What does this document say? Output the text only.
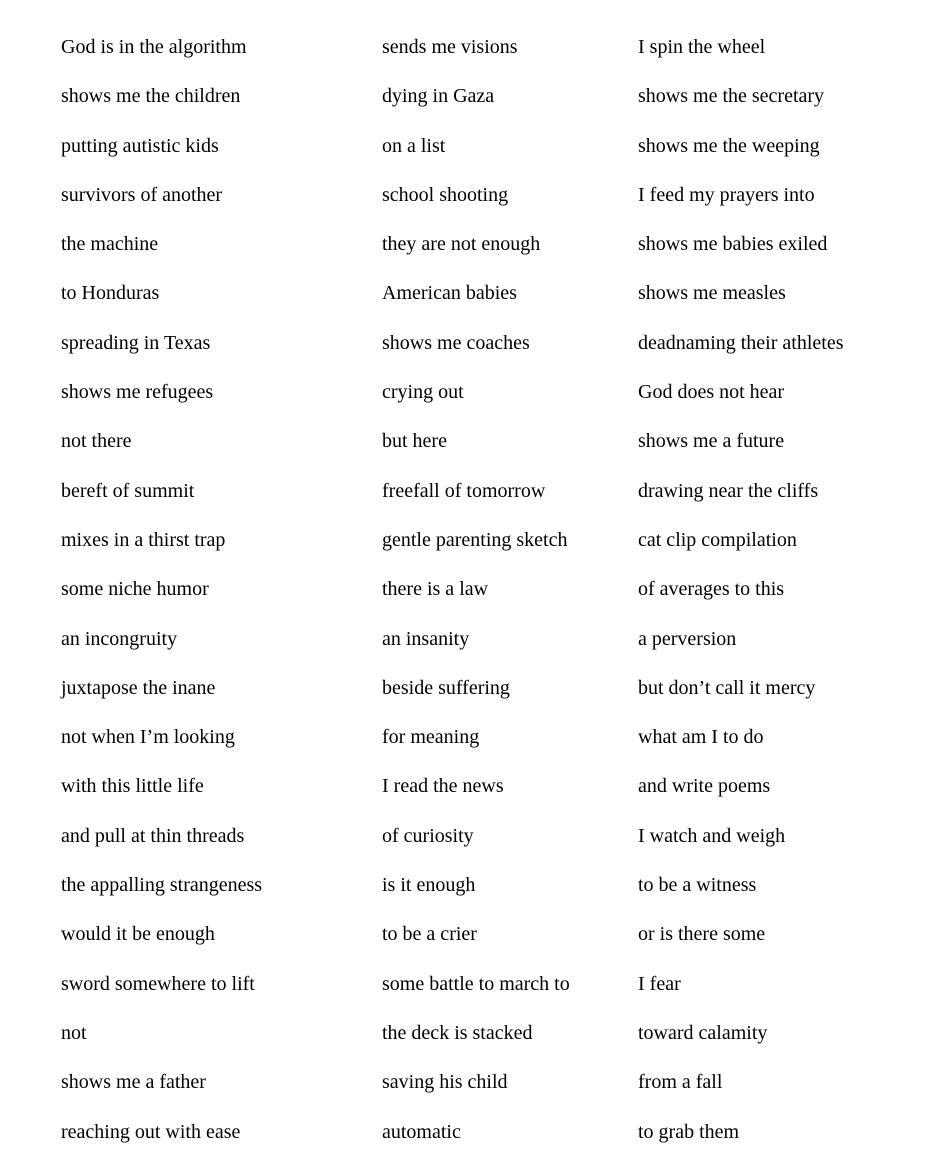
God is in the algorithm
shows me the children
putting autistic kids
survivors of another
the machine
to Honduras
spreading in Texas
shows me refugees
not there
bereft of summit
mixes in a thirst trap
some niche humor
an incongruity
juxtapose the inane
not when I’m looking
with this little life
and pull at thin threads
the appalling strangeness
would it be enough
sword somewhere to lift
not
shows me a father
reaching out with ease
sends me visions
dying in Gaza
on a list
school shooting
they are not enough
American babies
shows me coaches
crying out
but here
freefall of tomorrow
gentle parenting sketch
there is a law
an insanity
beside suffering
for meaning
I read the news
of curiosity
is it enough
to be a crier
some battle to march to
the deck is stacked
saving his child
automatic
I spin the wheel
shows me the secretary
shows me the weeping
I feed my prayers into
shows me babies exiled
shows me measles
deadnaming their athletes
God does not hear
shows me a future
drawing near the cliffs
cat clip compilation
of averages to this
a perversion
but don’t call it mercy
what am I to do
and write poems
I watch and weigh
to be a witness
or is there some
I fear
toward calamity
from a fall
to grab them
